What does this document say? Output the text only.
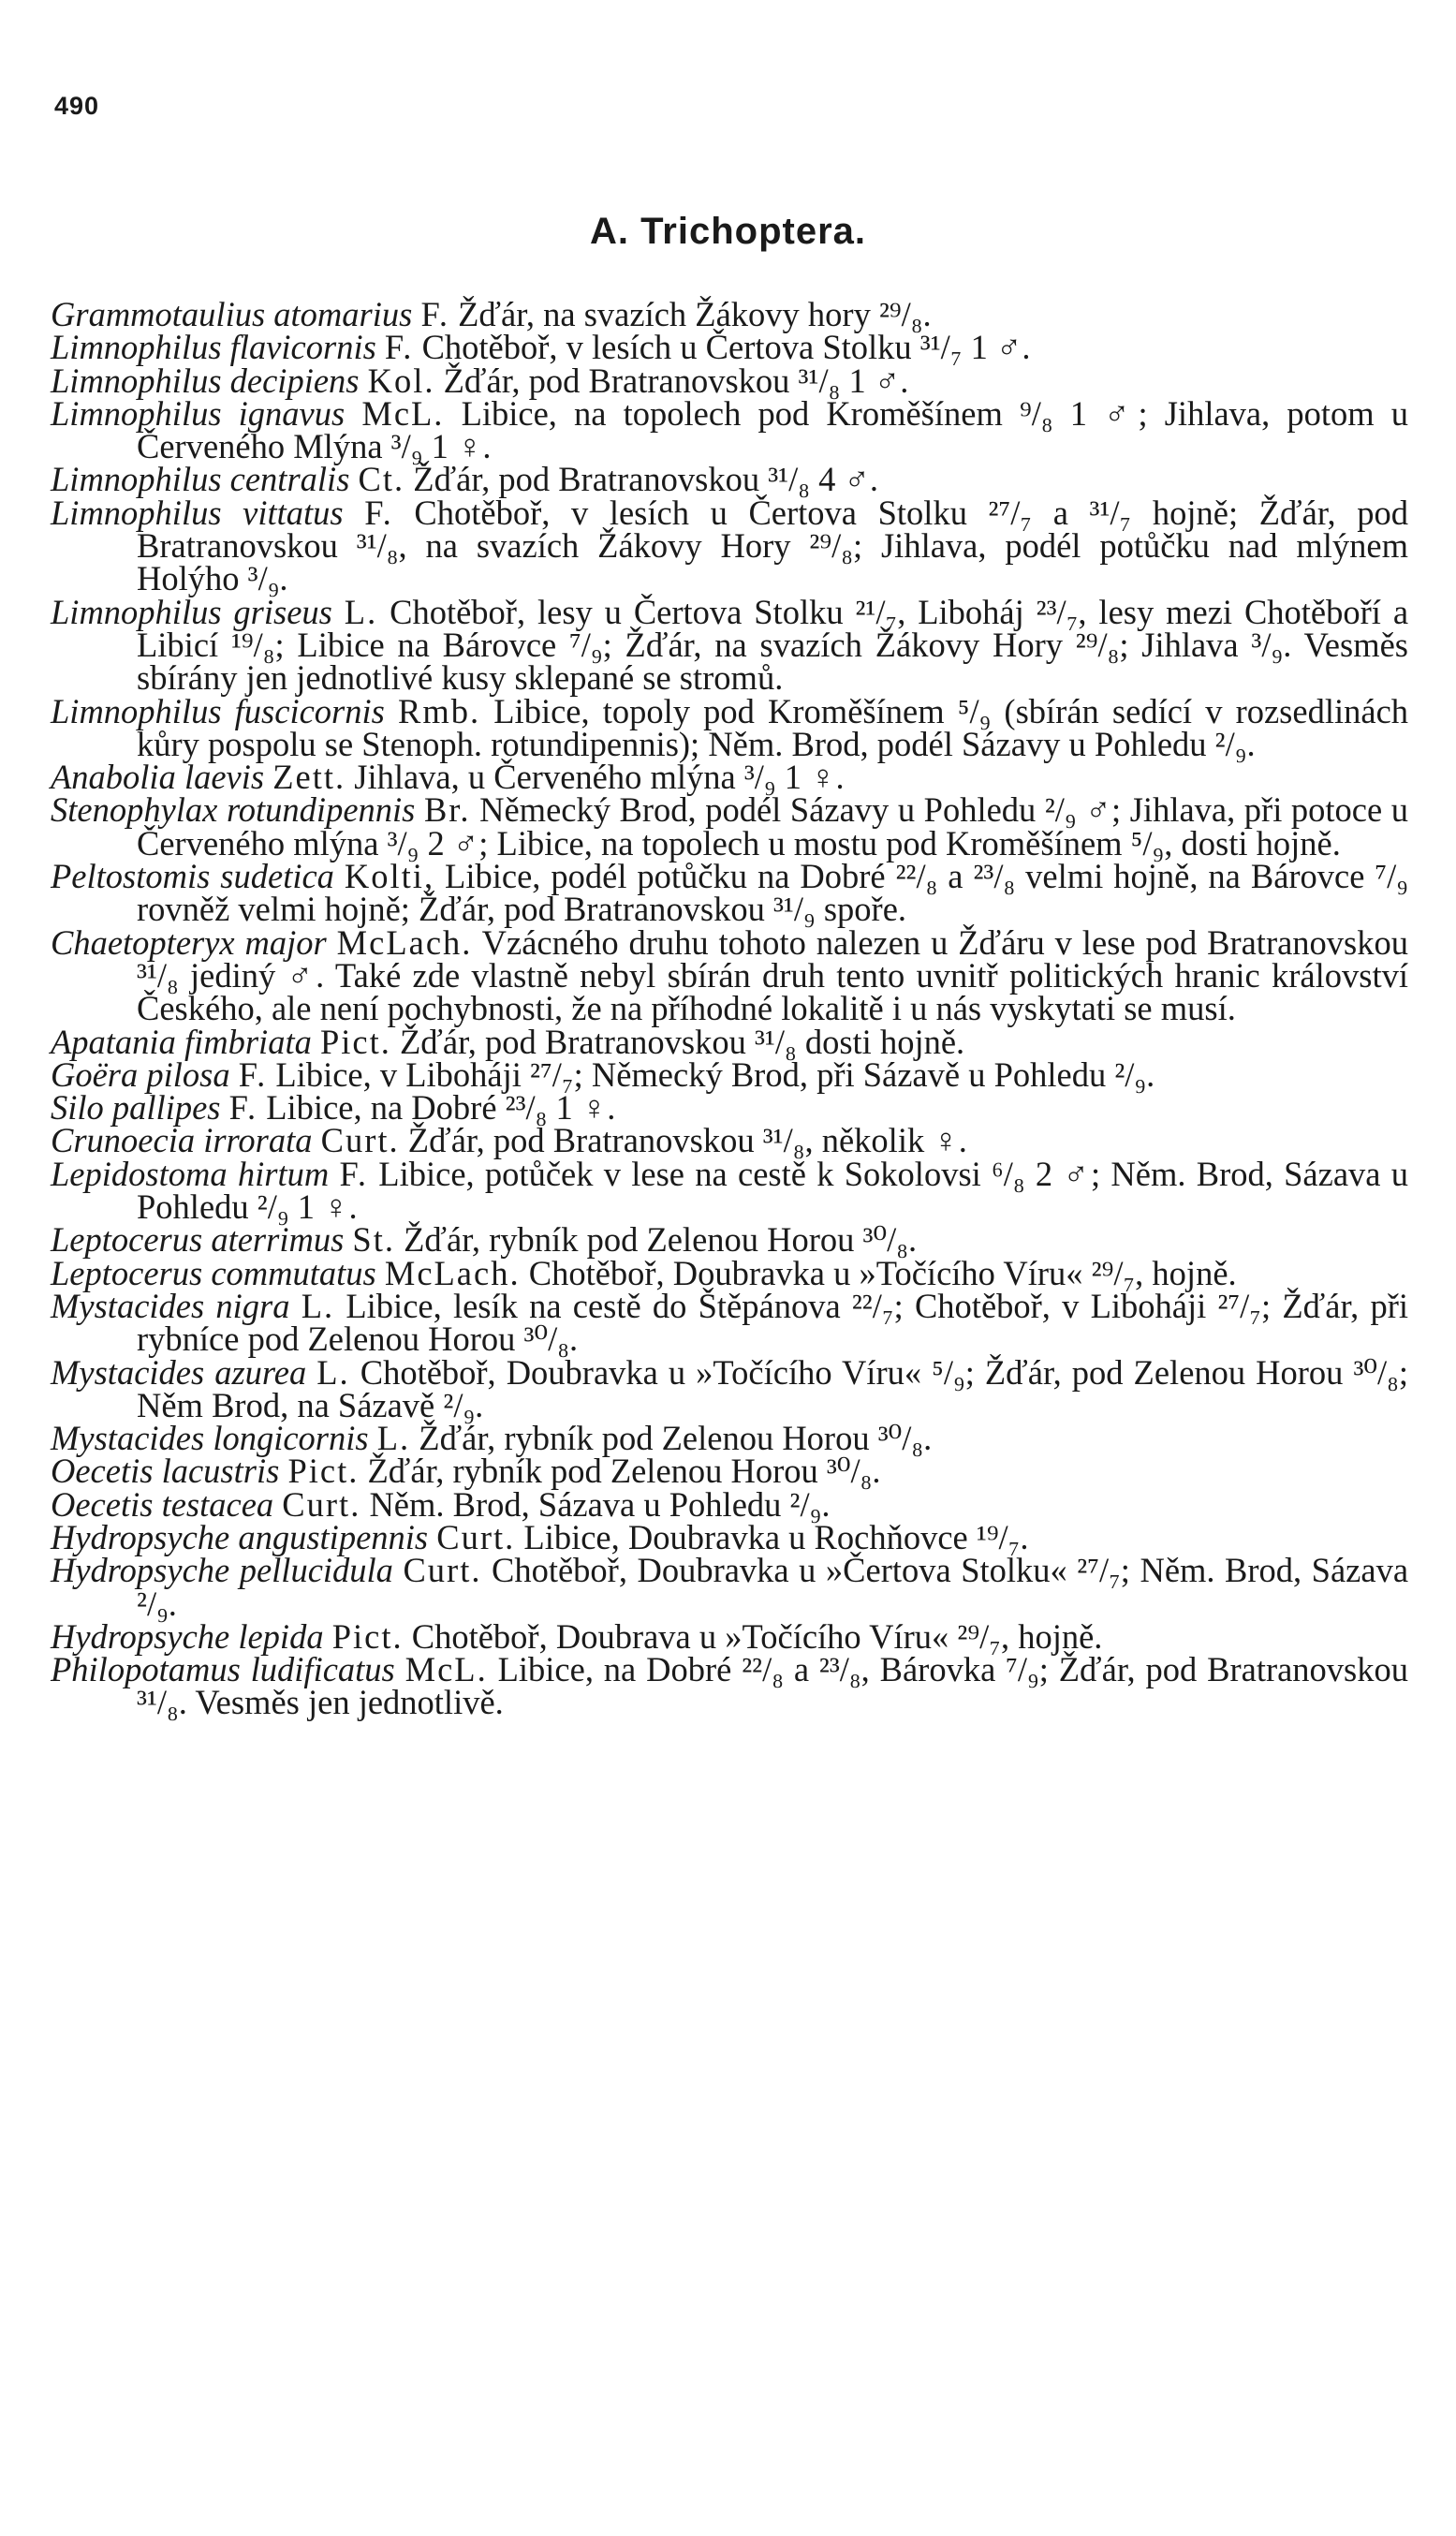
490
A. Trichoptera.

Grammotaulius atomarius F. Žďár, na svazích Žákovy hory ²⁹/₈.

Limnophilus flavicornis F. Chotěboř, v lesích u Čertova Stolku ³¹/₇ 1 ♂.

Limnophilus decipiens Kol. Žďár, pod Bratranovskou ³¹/₈ 1 ♂.

Limnophilus ignavus McL. Libice, na topolech pod Kroměšínem ⁹/₈ 1 ♂; Jihlava, potom u Červeného Mlýna ³/₉ 1 ♀.

Limnophilus centralis Ct. Žďár, pod Bratranovskou ³¹/₈ 4 ♂.

Limnophilus vittatus F. Chotěboř, v lesích u Čertova Stolku ²⁷/₇ a ³¹/₇ hojně; Žďár, pod Bratranovskou ³¹/₈, na svazích Žákovy Hory ²⁹/₈; Jihlava, podél potůčku nad mlýnem Holýho ³/₉.

Limnophilus griseus L. Chotěboř, lesy u Čertova Stolku ²¹/₇, Liboháj ²³/₇, lesy mezi Chotěboří a Libicí ¹⁹/₈; Libice na Bárovce ⁷/₉; Žďár, na svazích Žákovy Hory ²⁹/₈; Jihlava ³/₉. Vesměs sbírány jen jednotlivé kusy sklepané se stromů.

Limnophilus fuscicornis Rmb. Libice, topoly pod Kroměšínem ⁵/₉ (sbírán sedící v rozsedlinách kůry pospolu se Stenoph. rotundipennis); Něm. Brod, podél Sázavy u Pohledu ²/₉.

Anabolia laevis Zett. Jihlava, u Červeného mlýna ³/₉ 1 ♀.

Stenophylax rotundipennis Br. Německý Brod, podél Sázavy u Pohledu ²/₉ ♂; Jihlava, při potoce u Červeného mlýna ³/₉ 2 ♂; Libice, na topolech u mostu pod Kroměšínem ⁵/₉, dosti hojně.

Peltostomis sudetica Kolti, Libice, podél potůčku na Dobré ²²/₈ a ²³/₈ velmi hojně, na Bárovce ⁷/₉ rovněž velmi hojně; Žďár, pod Bratranovskou ³¹/₉ spoře.

Chaetopteryx major McLach. Vzácného druhu tohoto nalezen u Žďáru v lese pod Bratranovskou ³¹/₈ jediný ♂. Také zde vlastně nebyl sbírán druh tento uvnitř politických hranic království Českého, ale není pochybnosti, že na příhodné lokalitě i u nás vyskytati se musí.

Apatania fimbriata Pict. Žďár, pod Bratranovskou ³¹/₈ dosti hojně.

Goëra pilosa F. Libice, v Liboháji ²⁷/₇; Německý Brod, při Sázavě u Pohledu ²/₉.

Silo pallipes F. Libice, na Dobré ²³/₈ 1 ♀.

Crunoecia irrorata Curt. Žďár, pod Bratranovskou ³¹/₈, několik ♀.

Lepidostoma hirtum F. Libice, potůček v lese na cestě k Sokolovsi ⁶/₈ 2 ♂; Něm. Brod, Sázava u Pohledu ²/₉ 1 ♀.

Leptocerus aterrimus St. Žďár, rybník pod Zelenou Horou ³⁰/₈.

Leptocerus commutatus McLach. Chotěboř, Doubravka u »Točícího Víru« ²⁹/₇, hojně.

Mystacides nigra L. Libice, lesík na cestě do Štěpánova ²²/₇; Chotěboř, v Liboháji ²⁷/₇; Žďár, při rybníce pod Zelenou Horou ³⁰/₈.

Mystacides azurea L. Chotěboř, Doubravka u »Točícího Víru« ⁵/₉; Žďár, pod Zelenou Horou ³⁰/₈; Něm Brod, na Sázavě ²/₉.

Mystacides longicornis L. Žďár, rybník pod Zelenou Horou ³⁰/₈.

Oecetis lacustris Pict. Žďár, rybník pod Zelenou Horou ³⁰/₈.

Oecetis testacea Curt. Něm. Brod, Sázava u Pohledu ²/₉.

Hydropsyche angustipennis Curt. Libice, Doubravka u Rochňovce ¹⁹/₇.

Hydropsyche pellucidula Curt. Chotěboř, Doubravka u »Čertova Stolku« ²⁷/₇; Něm. Brod, Sázava ²/₉.

Hydropsyche lepida Pict. Chotěboř, Doubrava u »Točícího Víru« ²⁹/₇, hojně.

Philopotamus ludificatus McL. Libice, na Dobré ²²/₈ a ²³/₈, Bárovka ⁷/₉; Žďár, pod Bratranovskou ³¹/₈. Vesměs jen jednotlivě.
